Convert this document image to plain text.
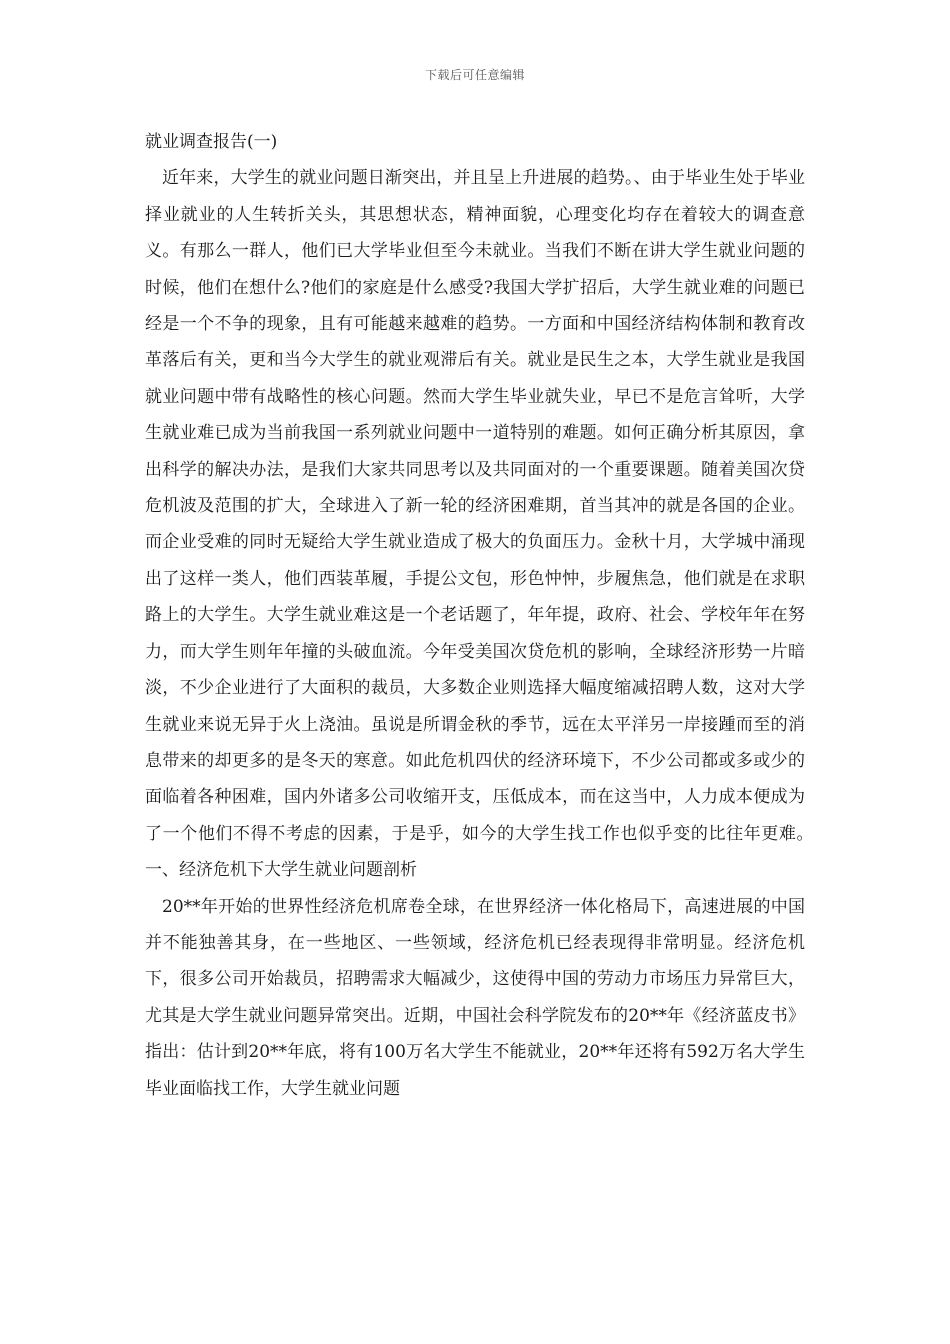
下载后可任意编辑

就业调查报告(一)

近年来，大学生的就业问题日渐突出，并且呈上升进展的趋势。、由于毕业生处于毕业择业就业的人生转折关头，其思想状态，精神面貌，心理变化均存在着较大的调查意义。有那么一群人，他们已大学毕业但至今未就业。当我们不断在讲大学生就业问题的时候，他们在想什么?他们的家庭是什么感受?我国大学扩招后，大学生就业难的问题已经是一个不争的现象，且有可能越来越难的趋势。一方面和中国经济结构体制和教育改革落后有关，更和当今大学生的就业观滞后有关。就业是民生之本，大学生就业是我国就业问题中带有战略性的核心问题。然而大学生毕业就失业，早已不是危言耸听，大学生就业难已成为当前我国一系列就业问题中一道特别的难题。如何正确分析其原因，拿出科学的解决办法，是我们大家共同思考以及共同面对的一个重要课题。随着美国次贷危机波及范围的扩大，全球进入了新一轮的经济困难期，首当其冲的就是各国的企业。而企业受难的同时无疑给大学生就业造成了极大的负面压力。金秋十月，大学城中涌现出了这样一类人，他们西装革履，手提公文包，形色忡忡，步履焦急，他们就是在求职路上的大学生。大学生就业难这是一个老话题了，年年提，政府、社会、学校年年在努力，而大学生则年年撞的头破血流。今年受美国次贷危机的影响，全球经济形势一片暗淡，不少企业进行了大面积的裁员，大多数企业则选择大幅度缩减招聘人数，这对大学生就业来说无异于火上浇油。虽说是所谓金秋的季节，远在太平洋另一岸接踵而至的消息带来的却更多的是冬天的寒意。如此危机四伏的经济环境下，不少公司都或多或少的面临着各种困难，国内外诸多公司收缩开支，压低成本，而在这当中，人力成本便成为了一个他们不得不考虑的因素，于是乎，如今的大学生找工作也似乎变的比往年更难。　　一、经济危机下大学生就业问题剖析

20**年开始的世界性经济危机席卷全球，在世界经济一体化格局下，高速进展的中国并不能独善其身，在一些地区、一些领域，经济危机已经表现得非常明显。经济危机下，很多公司开始裁员，招聘需求大幅减少，这使得中国的劳动力市场压力异常巨大，尤其是大学生就业问题异常突出。近期，中国社会科学院发布的20**年《经济蓝皮书》指出：估计到20**年底，将有100万名大学生不能就业，20**年还将有592万名大学生毕业面临找工作，大学生就业问题
